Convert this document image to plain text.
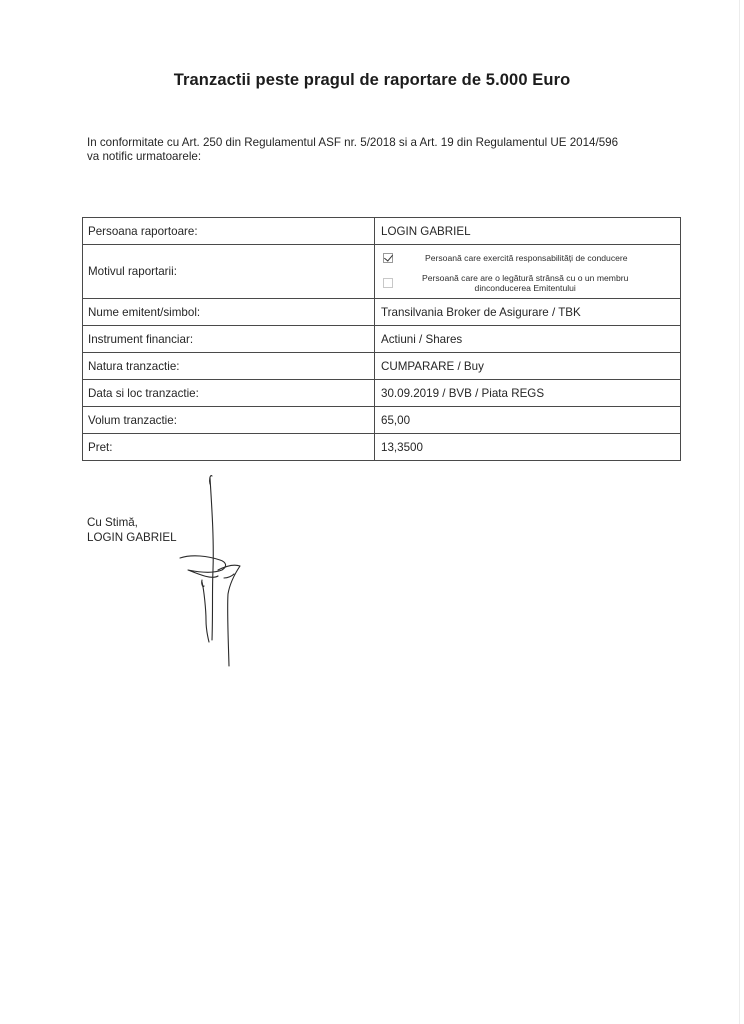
Tranzactii peste pragul de raportare de 5.000 Euro

In conformitate cu Art. 250 din Regulamentul ASF nr. 5/2018 si a Art. 19 din Regulamentul UE 2014/596

va notific urmatoarele:

Persoana raportoare:	LOGIN GABRIEL
Motivul raportarii:	Persoană care exercită responsabilități de conducere
Persoană care are o legătură strânsă cu o un membru
dinconducerea Emitentului

Nume emitent/simbol:	Transilvania Broker de Asigurare / TBK
Instrument financiar:	Actiuni / Shares
Natura tranzactie:	CUMPARARE / Buy
Data si loc tranzactie:	30.09.2019 / BVB / Piata REGS
Volum tranzactie:	65,00
Pret:	13,3500
Cu Stimă,
LOGIN GABRIEL
